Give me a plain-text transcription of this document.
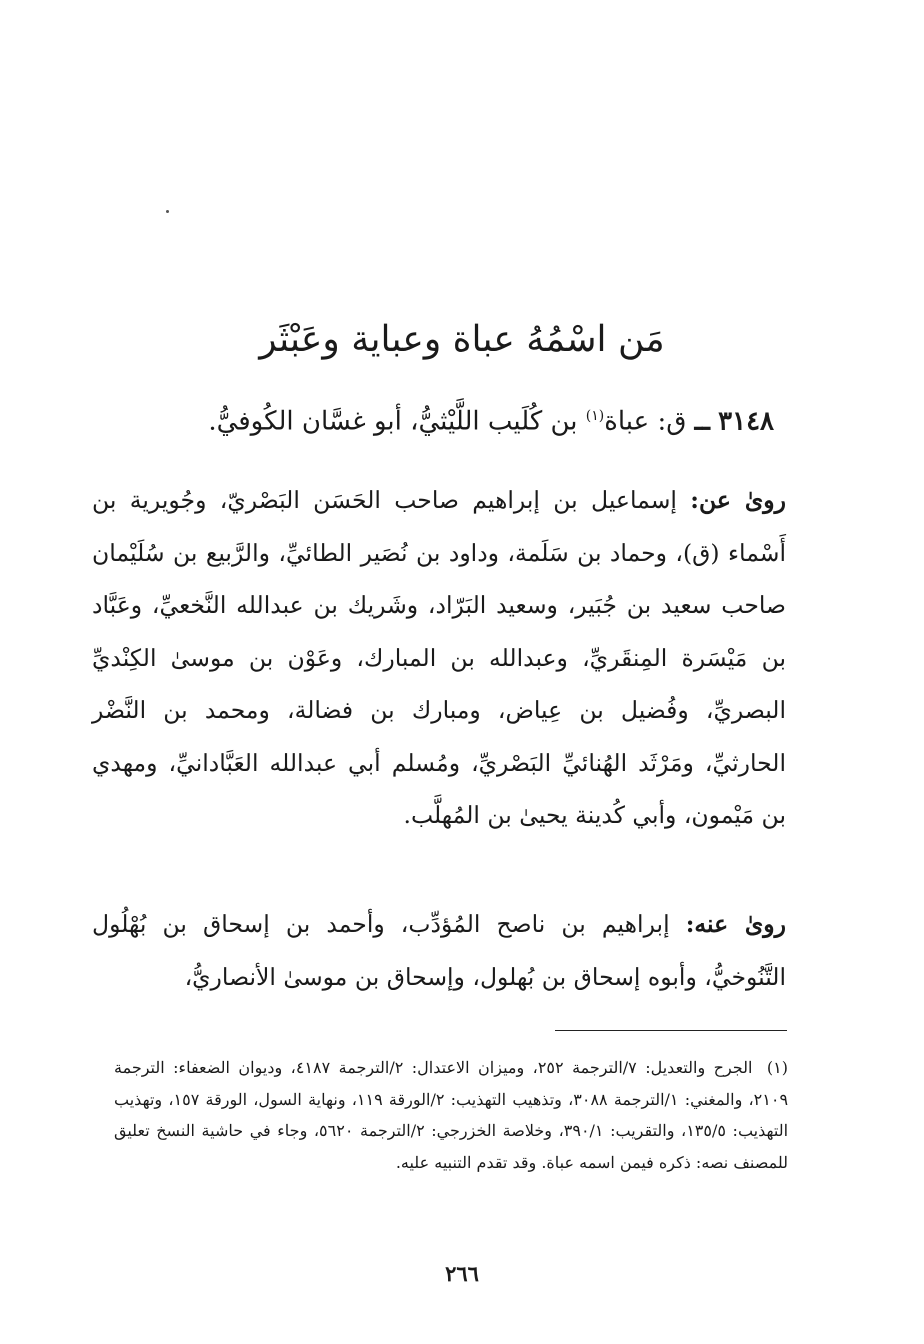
مَن اسْمُهُ عباة وعباية وعَبْثَر
٣١٤٨ ــ ق: عباة$^{(١)}$ بن كُلَيب اللَّيْثيُّ، أبو غسَّان الكُوفيُّ.
روىٰ عن: إسماعيل بن إبراهيم صاحب الحَسَن البَصْريّ، وجُويرية بن أَسْماء (ق)، وحماد بن سَلَمة، وداود بن نُصَير الطائيِّ، والرَّبيع بن سُلَيْمان صاحب سعيد بن جُبَير، وسعيد البَرّاد، وشَريك بن عبدالله النَّخعيِّ، وعَبَّاد بن مَيْسَرة المِنقَريِّ، وعبدالله بن المبارك، وعَوْن بن موسىٰ الكِنْديِّ البصريِّ، وفُضيل بن عِياض، ومبارك بن فضالة، ومحمد بن النَّضْر الحارثيِّ، ومَرْثَد الهُنائيِّ البَصْريِّ، ومُسلم أبي عبدالله العَبَّادانيِّ، ومهدي بن مَيْمون، وأبي كُدينة يحيىٰ بن المُهلَّب.
روىٰ عنه: إبراهيم بن ناصح المُؤدِّب، وأحمد بن إسحاق بن بُهْلُول التَّنُوخيُّ، وأبوه إسحاق بن بُهلول، وإسحاق بن موسىٰ الأنصاريُّ،
(١) الجرح والتعديل: ٧/الترجمة ٢٥٢، وميزان الاعتدال: ٢/الترجمة ٤١٨٧، وديوان الضعفاء: الترجمة ٢١٠٩، والمغني: ١/الترجمة ٣٠٨٨، وتذهيب التهذيب: ٢/الورقة ١١٩، ونهاية السول، الورقة ١٥٧، وتهذيب التهذيب: ١٣٥/٥، والتقريب: ٣٩٠/١، وخلاصة الخزرجي: ٢/الترجمة ٥٦٢٠، وجاء في حاشية النسخ تعليق للمصنف نصه: ذكره فيمن اسمه عباة. وقد تقدم التنبيه عليه.
٢٦٦
